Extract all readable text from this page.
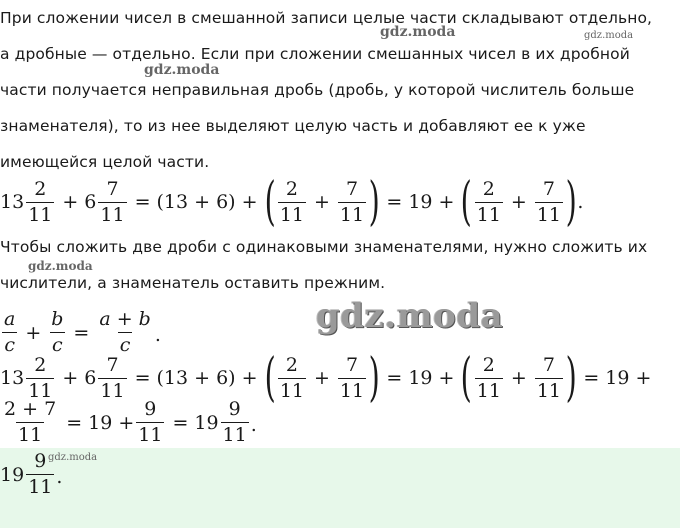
При сложении чисел в смешанной записи целые части складывают отдельно,
а дробные — отдельно. Если при сложении смешанных чисел в их дробной
части получается неправильная дробь (дробь, у которой числитель больше
знаменателя), то из нее выделяют целую часть и добавляют ее к уже
имеющейся целой части.
$13 \frac{2}{11} + 6 \frac{7}{11} = (13 + 6)$ + ( $\frac{2}{11} + \frac{7}{11}$ ) = 19 + ( $\frac{2}{11} + \frac{7}{11}$ ) .
Чтобы сложить две дроби с одинаковыми знаменателями, нужно сложить их
числители, а знаменатель оставить прежним.
$\frac{a}{c} + \frac{b}{c} = \frac{a + b}{c}$ .
$13 \frac{2}{11} + 6 \frac{7}{11} = (13 + 6)$ + ( $\frac{2}{11} + \frac{7}{11}$ ) = 19 + ( $\frac{2}{11} + \frac{7}{11}$ ) = 19 +
$\frac{2 + 7}{11} = 19 + \frac{9}{11} = 19 \frac{9}{11}$ .
$19 \frac{9}{11}$ .
gdz.moda	gdz.moda
gdz.moda
gdz.moda
gdz.moda
gdz.moda
